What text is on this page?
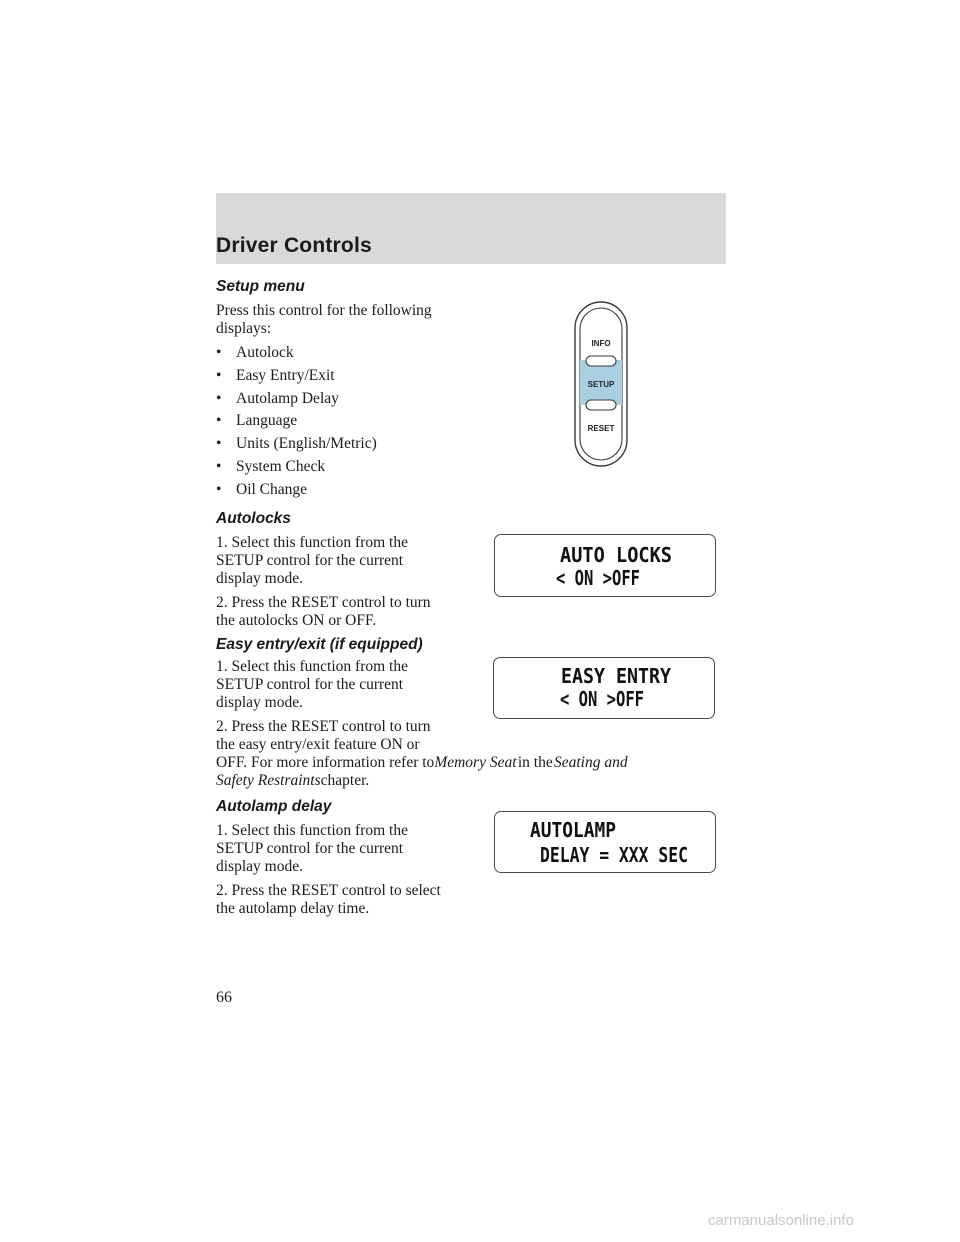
Driver Controls
Setup menu
Press this control for the following
displays:
• Autolock
• Easy Entry/Exit
• Autolamp Delay
• Language
• Units (English/Metric)
• System Check
• Oil Change
INFO
SETUP
RESET
Autolocks
1. Select this function from the
SETUP control for the current
display mode.
2. Press the RESET control to turn
the autolocks ON or OFF.
AUTO LOCKS
< ON >OFF
Easy entry/exit (if equipped)
1. Select this function from the
SETUP control for the current
display mode.
2. Press the RESET control to turn
the easy entry/exit feature ON or
OFF. For more information refer toMemory Seat in the Seating and
Safety Restraintschapter.
EASY ENTRY
< ON >OFF
Autolamp delay
1. Select this function from the
SETUP control for the current
display mode.
2. Press the RESET control to select
the autolamp delay time.
AUTOLAMP
DELAY = XXX SEC
66
carmanualsonline.info
